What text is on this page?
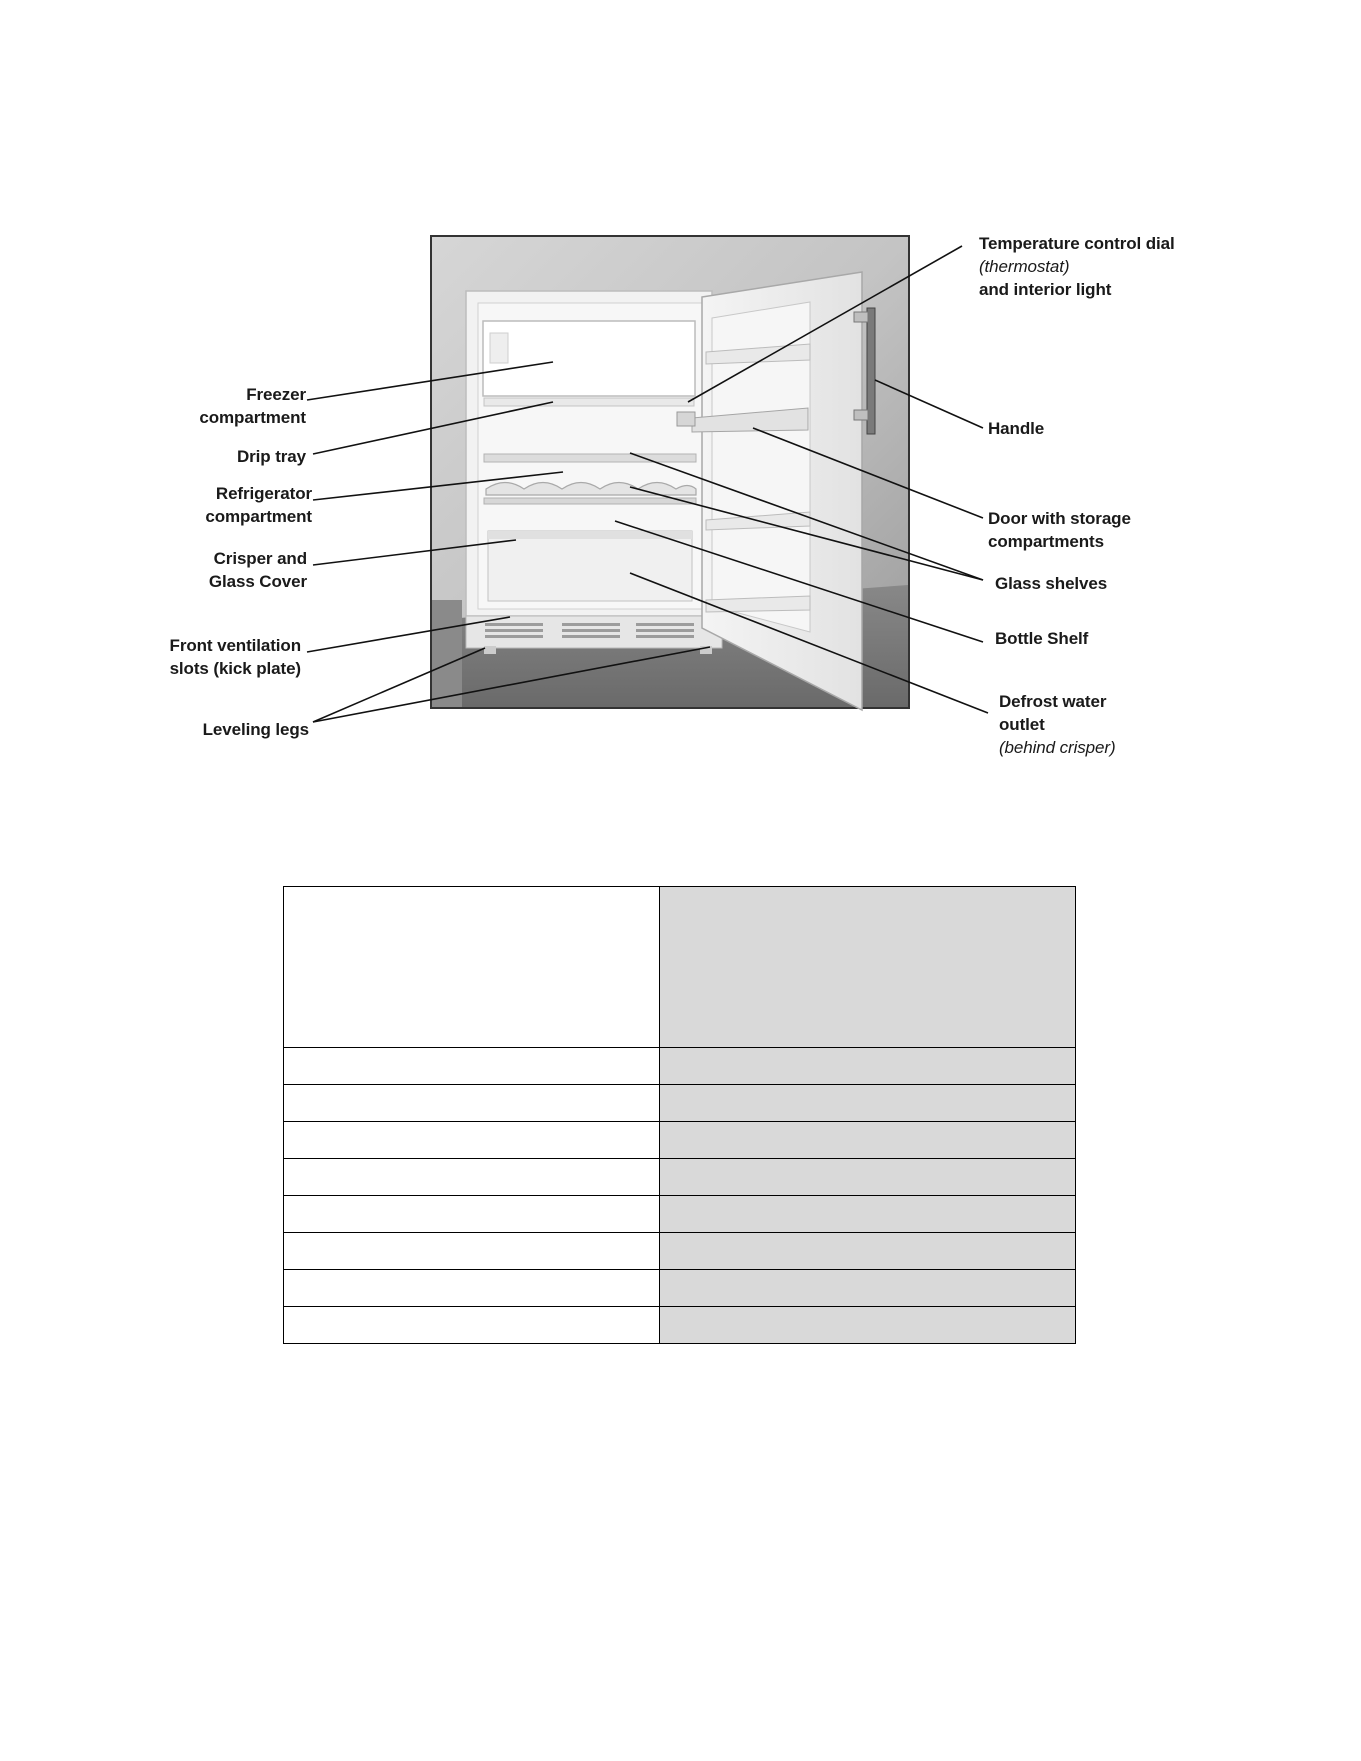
Freezer
compartment
Drip tray
Refrigerator
compartment
Crisper and
Glass Cover
Front ventilation
slots (kick plate)
Leveling legs
Temperature control dial
(thermostat)
and interior light
Handle
Door with storage
compartments
Glass shelves
Bottle Shelf
Defrost water
outlet
(behind crisper)
